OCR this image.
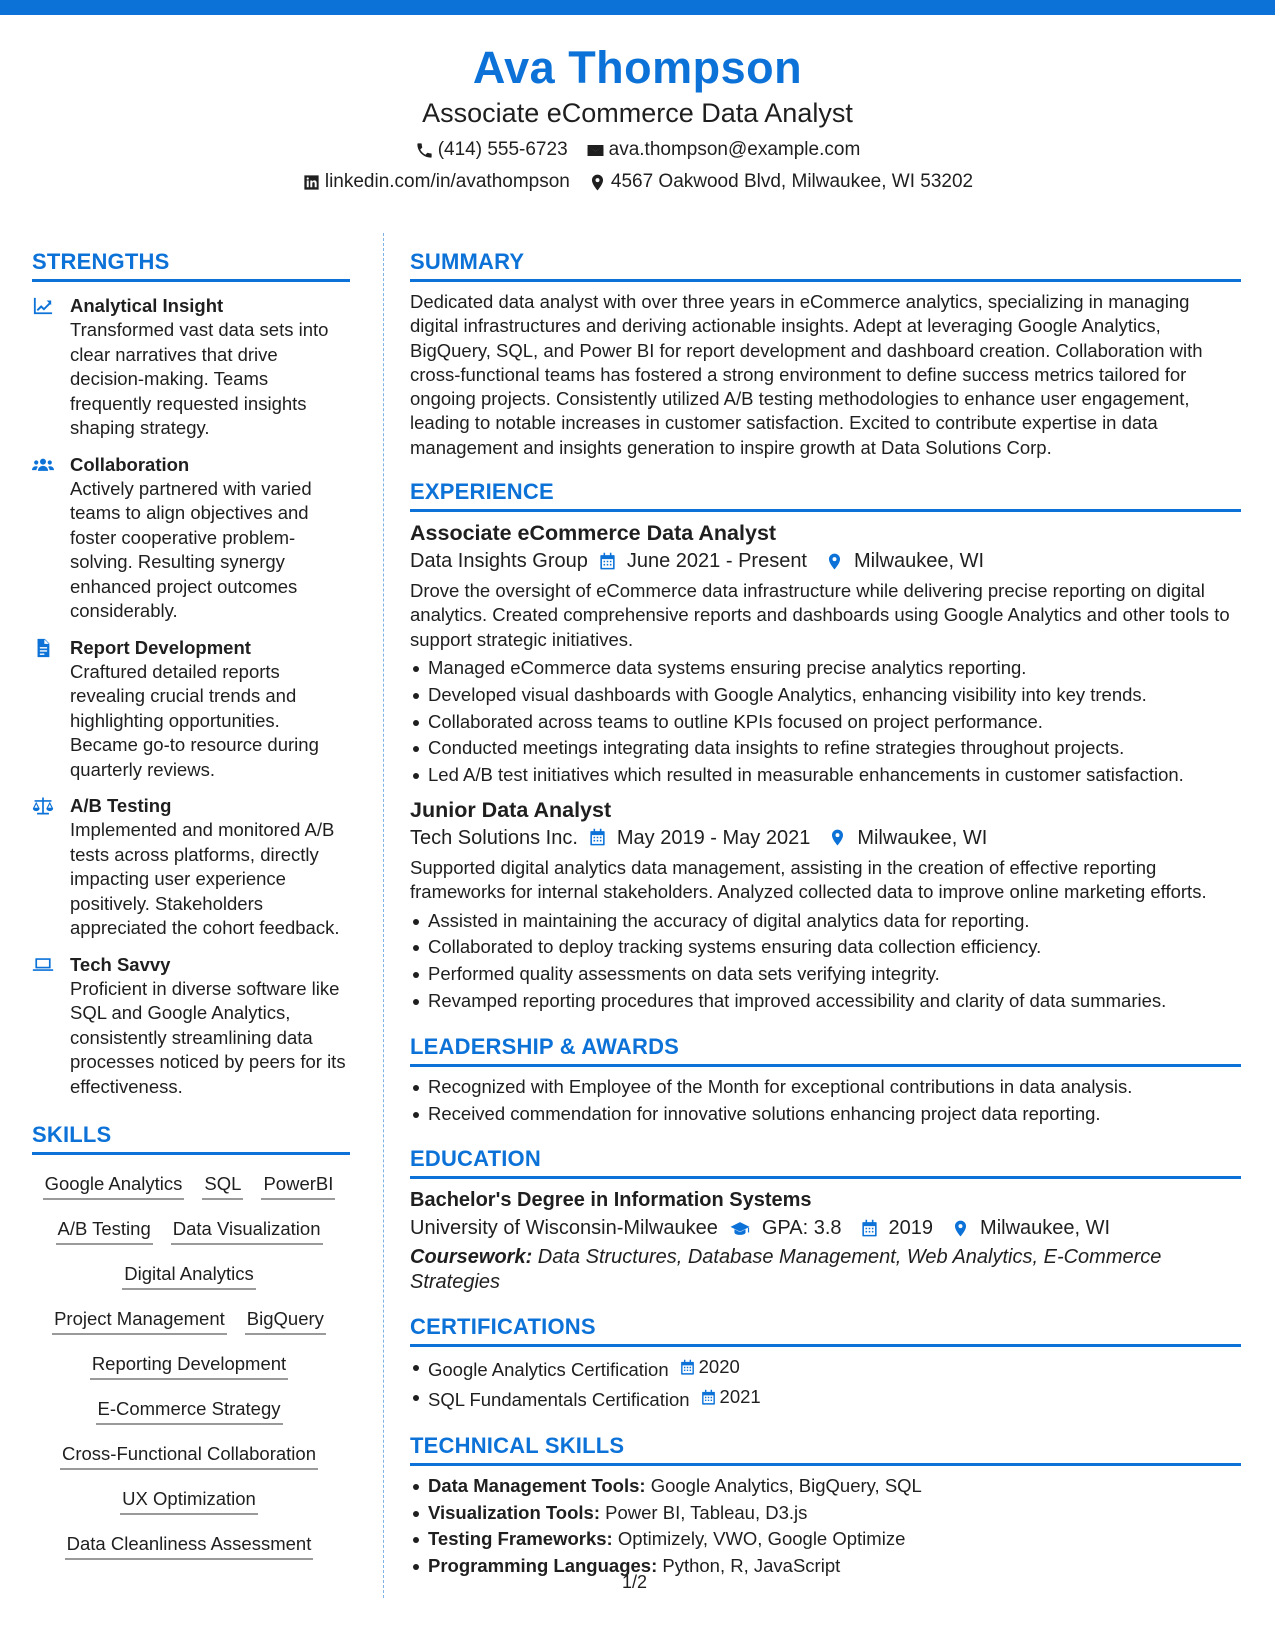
Ava Thompson
Associate eCommerce Data Analyst
(414) 555-6723 ava.thompson@example.com
linkedin.com/in/avathompson 4567 Oakwood Blvd, Milwaukee, WI 53202
STRENGTHS
Analytical Insight
Transformed vast data sets into clear narratives that drive decision-making. Teams frequently requested insights shaping strategy.
Collaboration
Actively partnered with varied teams to align objectives and foster cooperative problem-solving. Resulting synergy enhanced project outcomes considerably.
Report Development
Craftured detailed reports revealing crucial trends and highlighting opportunities. Became go-to resource during quarterly reviews.
A/B Testing
Implemented and monitored A/B tests across platforms, directly impacting user experience positively. Stakeholders appreciated the cohort feedback.
Tech Savvy
Proficient in diverse software like SQL and Google Analytics, consistently streamlining data processes noticed by peers for its effectiveness.
SKILLS
Google Analytics SQL PowerBI
A/B Testing Data Visualization
Digital Analytics
Project Management BigQuery
Reporting Development
E-Commerce Strategy
Cross-Functional Collaboration
UX Optimization
Data Cleanliness Assessment
SUMMARY
Dedicated data analyst with over three years in eCommerce analytics, specializing in managing digital infrastructures and deriving actionable insights. Adept at leveraging Google Analytics, BigQuery, SQL, and Power BI for report development and dashboard creation. Collaboration with cross-functional teams has fostered a strong environment to define success metrics tailored for ongoing projects. Consistently utilized A/B testing methodologies to enhance user engagement, leading to notable increases in customer satisfaction. Excited to contribute expertise in data management and insights generation to inspire growth at Data Solutions Corp.
EXPERIENCE
Associate eCommerce Data Analyst
Data Insights Group June 2021 - Present Milwaukee, WI
Drove the oversight of eCommerce data infrastructure while delivering precise reporting on digital analytics. Created comprehensive reports and dashboards using Google Analytics and other tools to support strategic initiatives.
Managed eCommerce data systems ensuring precise analytics reporting.
Developed visual dashboards with Google Analytics, enhancing visibility into key trends.
Collaborated across teams to outline KPIs focused on project performance.
Conducted meetings integrating data insights to refine strategies throughout projects.
Led A/B test initiatives which resulted in measurable enhancements in customer satisfaction.
Junior Data Analyst
Tech Solutions Inc. May 2019 - May 2021 Milwaukee, WI
Supported digital analytics data management, assisting in the creation of effective reporting frameworks for internal stakeholders. Analyzed collected data to improve online marketing efforts.
Assisted in maintaining the accuracy of digital analytics data for reporting.
Collaborated to deploy tracking systems ensuring data collection efficiency.
Performed quality assessments on data sets verifying integrity.
Revamped reporting procedures that improved accessibility and clarity of data summaries.
LEADERSHIP & AWARDS
Recognized with Employee of the Month for exceptional contributions in data analysis.
Received commendation for innovative solutions enhancing project data reporting.
EDUCATION
Bachelor's Degree in Information Systems
University of Wisconsin-Milwaukee GPA: 3.8 2019 Milwaukee, WI
Coursework: Data Structures, Database Management, Web Analytics, E-Commerce Strategies
CERTIFICATIONS
Google Analytics Certification 2020
SQL Fundamentals Certification 2021
TECHNICAL SKILLS
Data Management Tools: Google Analytics, BigQuery, SQL
Visualization Tools: Power BI, Tableau, D3.js
Testing Frameworks: Optimizely, VWO, Google Optimize
Programming Languages: Python, R, JavaScript
1/2
